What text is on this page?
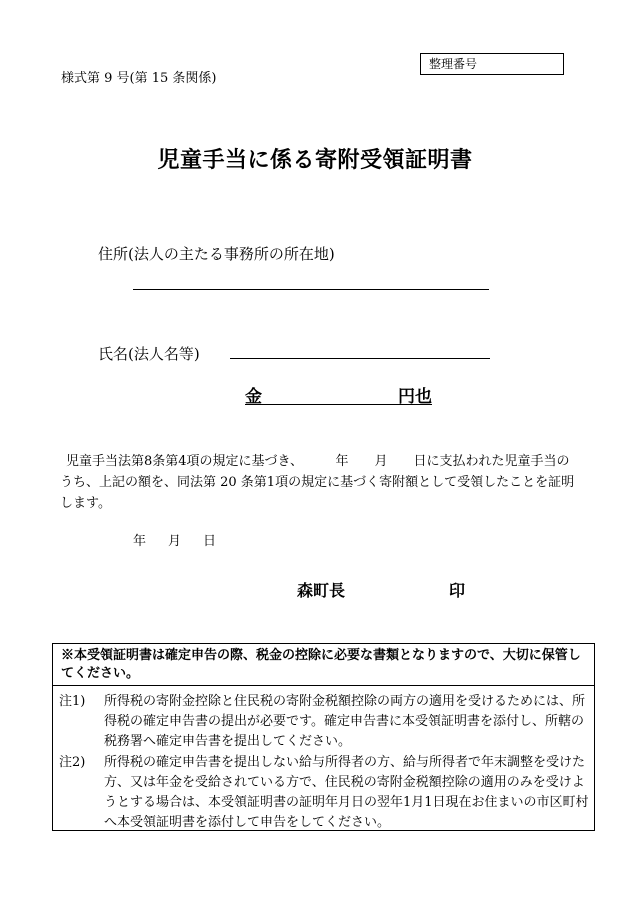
様式第 9 号(第 15 条関係)
整理番号
児童手当に係る寄附受領証明書
住所(法人の主たる事務所の所在地)
氏名(法人名等)
金	円也
児童手当法第8条第4項の規定に基づき、　　　年　　月　　日に支払われた児童手当のうち、上記の額を、同法第 20 条第1項の規定に基づく寄附額として受領したことを証明します。
年 月 日
森町長	印
※本受領証明書は確定申告の際、税金の控除に必要な書類となりますので、大切に保管してください。
注1) 所得税の寄附金控除と住民税の寄附金税額控除の両方の適用を受けるためには、所得税の確定申告書の提出が必要です。確定申告書に本受領証明書を添付し、所轄の税務署へ確定申告書を提出してください。
注2) 所得税の確定申告書を提出しない給与所得者の方、給与所得者で年末調整を受けた方、又は年金を受給されている方で、住民税の寄附金税額控除の適用のみを受けようとする場合は、本受領証明書の証明年月日の翌年1月1日現在お住まいの市区町村へ本受領証明書を添付して申告をしてください。
